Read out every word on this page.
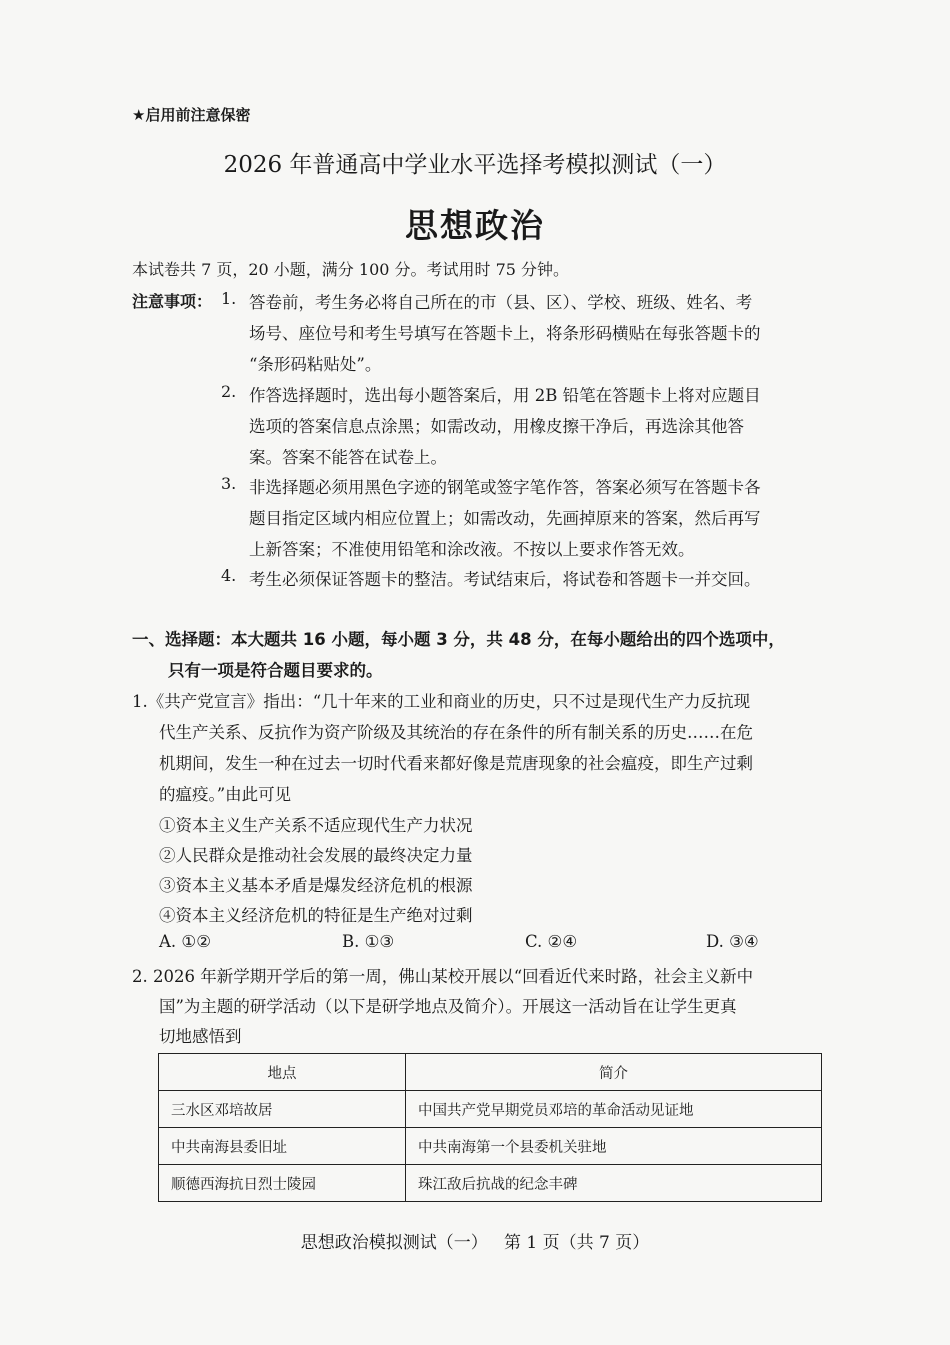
★启用前注意保密
2026 年普通高中学业水平选择考模拟测试（一）
思想政治
本试卷共 7 页，20 小题，满分 100 分。考试用时 75 分钟。
注意事项： 1. 答卷前，考生务必将自己所在的市（县、区）、学校、班级、姓名、考
场号、座位号和考生号填写在答题卡上，将条形码横贴在每张答题卡的
“条形码粘贴处”。
2. 作答选择题时，选出每小题答案后，用 2B 铅笔在答题卡上将对应题目
选项的答案信息点涂黑；如需改动，用橡皮擦干净后，再选涂其他答
案。答案不能答在试卷上。
3. 非选择题必须用黑色字迹的钢笔或签字笔作答，答案必须写在答题卡各
题目指定区域内相应位置上；如需改动，先画掉原来的答案，然后再写
上新答案；不准使用铅笔和涂改液。不按以上要求作答无效。
4. 考生必须保证答题卡的整洁。考试结束后，将试卷和答题卡一并交回。
一、选择题：本大题共 16 小题，每小题 3 分，共 48 分，在每小题给出的四个选项中，
只有一项是符合题目要求的。
1.《共产党宣言》指出：“几十年来的工业和商业的历史，只不过是现代生产力反抗现
代生产关系、反抗作为资产阶级及其统治的存在条件的所有制关系的历史……在危
机期间，发生一种在过去一切时代看来都好像是荒唐现象的社会瘟疫，即生产过剩
的瘟疫。”由此可见
①资本主义生产关系不适应现代生产力状况
②人民群众是推动社会发展的最终决定力量
③资本主义基本矛盾是爆发经济危机的根源
④资本主义经济危机的特征是生产绝对过剩
A. ①②	B. ①③	C. ②④	D. ③④
2. 2026 年新学期开学后的第一周，佛山某校开展以“回看近代来时路，社会主义新中
国”为主题的研学活动（以下是研学地点及简介）。开展这一活动旨在让学生更真
切地感悟到
地点	简介
三水区邓培故居	中国共产党早期党员邓培的革命活动见证地
中共南海县委旧址	中共南海第一个县委机关驻地
顺德西海抗日烈士陵园	珠江敌后抗战的纪念丰碑
思想政治模拟测试（一）   第 1 页（共 7 页）
